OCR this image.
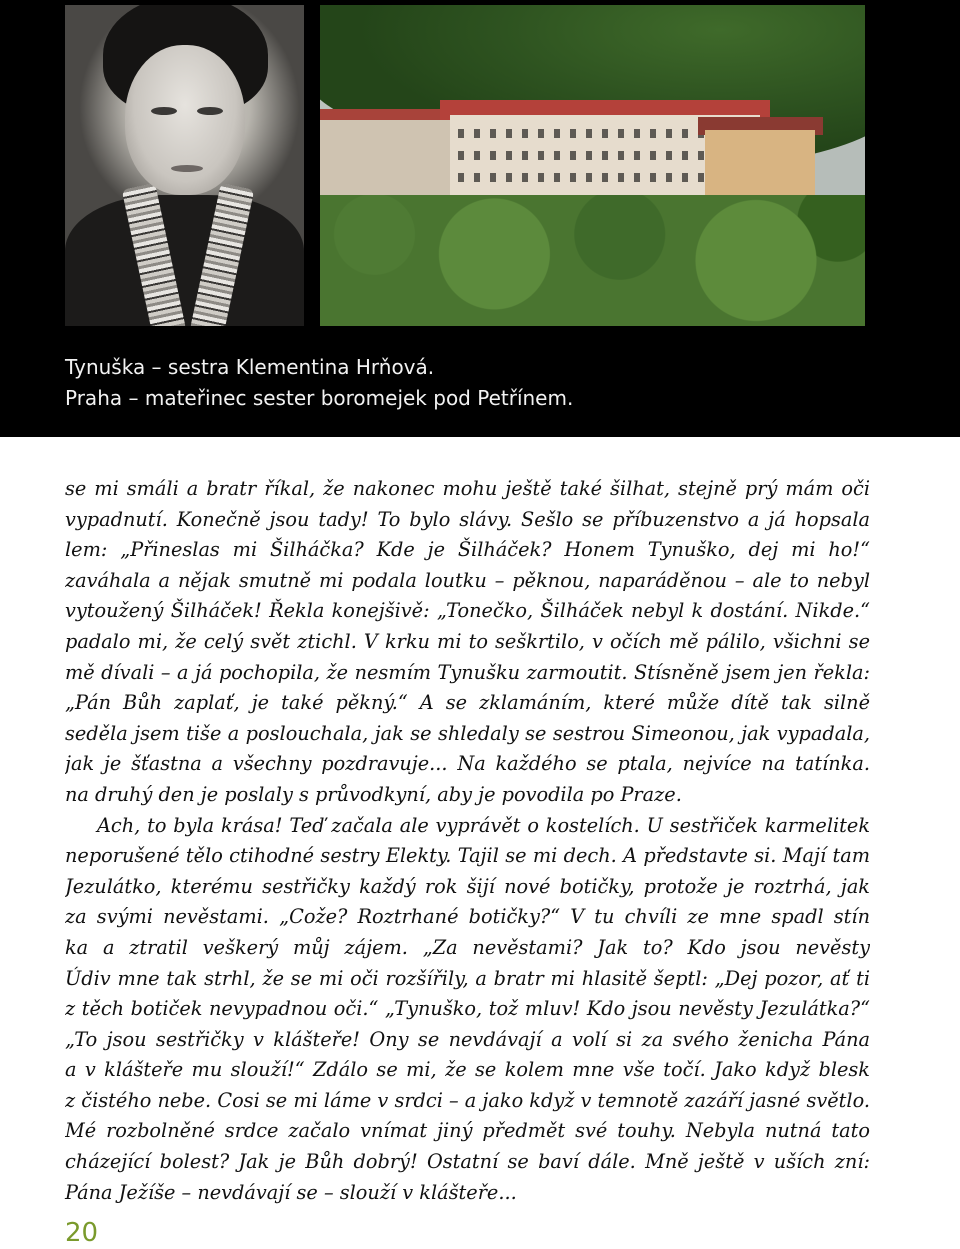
Tynuška – sestra Klementina Hrňová.
Praha – mateřinec sester boromejek pod Petřínem.
se mi smáli a bratr říkal, že nakonec mohu ještě také šilhat, stejně prý mám oči
vypadnutí. Konečně jsou tady! To bylo slávy. Sešlo se příbuzenstvo a já hopsala
lem: „Přineslas mi Šilháčka? Kde je Šilháček? Honem Tynuško, dej mi ho!“
zaváhala a nějak smutně mi podala loutku – pěknou, naparáděnou – ale to nebyl
vytoužený Šilháček! Řekla konejšivě: „Tonečko, Šilháček nebyl k dostání. Nikde.“
padalo mi, že celý svět ztichl. V krku mi to seškrtilo, v očích mě pálilo, všichni se
mě dívali – a já pochopila, že nesmím Tynušku zarmoutit. Stísněně jsem jen řekla:
„Pán Bůh zaplať, je také pěkný.“ A se zklamáním, které může dítě tak silně
seděla jsem tiše a poslouchala, jak se shledaly se sestrou Simeonou, jak vypadala,
jak je šťastna a všechny pozdravuje... Na každého se ptala, nejvíce na tatínka.
na druhý den je poslaly s průvodkyní, aby je povodila po Praze.
Ach, to byla krása! Teď začala ale vyprávět o kostelích. U sestřiček karmelitek
neporušené tělo ctihodné sestry Elekty. Tajil se mi dech. A představte si. Mají tam
Jezulátko, kterému sestřičky každý rok šijí nové botičky, protože je roztrhá, jak
za svými nevěstami. „Cože? Roztrhané botičky?“ V tu chvíli ze mne spadl stín
ka a ztratil veškerý můj zájem. „Za nevěstami? Jak to? Kdo jsou nevěsty
Údiv mne tak strhl, že se mi oči rozšířily, a bratr mi hlasitě šeptl: „Dej pozor, ať ti
z těch botiček nevypadnou oči.“ „Tynuško, tož mluv! Kdo jsou nevěsty Jezulátka?“
„To jsou sestřičky v klášteře! Ony se nevdávají a volí si za svého ženicha Pána
a v klášteře mu slouží!“ Zdálo se mi, že se kolem mne vše točí. Jako když blesk
z čistého nebe. Cosi se mi láme v srdci – a jako když v temnotě zazáří jasné světlo.
Mé rozbolněné srdce začalo vnímat jiný předmět své touhy. Nebyla nutná tato
cházející bolest? Jak je Bůh dobrý! Ostatní se baví dále. Mně ještě v uších zní:
Pána Ježíše – nevdávají se – slouží v klášteře...
20
